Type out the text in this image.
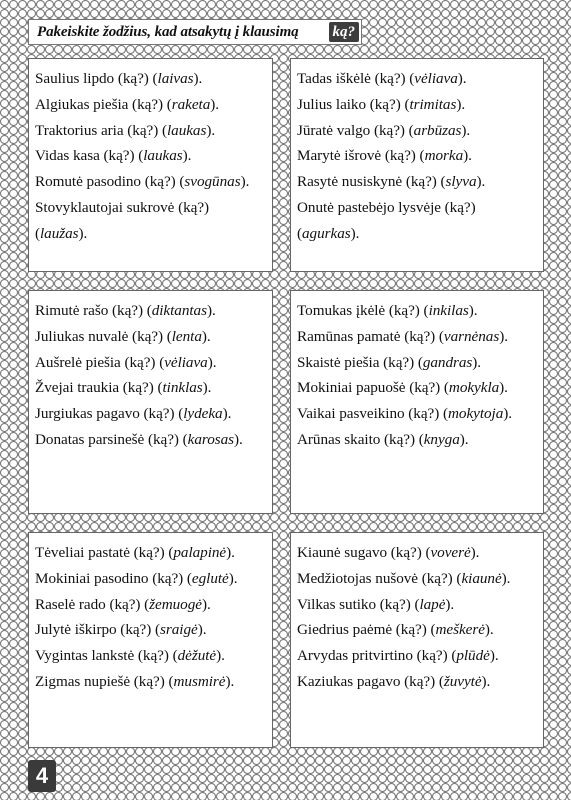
Pakeiskite žodžius, kad atsakytų į klausimą ką?
Saulius lipdo (ką?) (laivas).
Algiukas piešia (ką?) (raketa).
Traktorius aria (ką?) (laukas).
Vidas kasa (ką?) (laukas).
Romutė pasodino (ką?) (svogūnas).
Stovyklautojai sukrovė (ką?)
(laužas).
Tadas iškėlė (ką?) (vėliava).
Julius laiko (ką?) (trimitas).
Jūratė valgo (ką?) (arbūzas).
Marytė išrovė (ką?) (morka).
Rasytė nusiskynė (ką?) (slyva).
Onutė pastebėjo lysvėje (ką?)
(agurkas).
Rimutė rašo (ką?) (diktantas).
Juliukas nuvalė (ką?) (lenta).
Aušrelė piešia (ką?) (vėliava).
Žvejai traukia (ką?) (tinklas).
Jurgiukas pagavo (ką?) (lydeka).
Donatas parsinešė (ką?) (karosas).
Tomukas įkėlė (ką?) (inkilas).
Ramūnas pamatė (ką?) (varnėnas).
Skaistė piešia (ką?) (gandras).
Mokiniai papuošė (ką?) (mokykla).
Vaikai pasveikino (ką?) (mokytoja).
Arūnas skaito (ką?) (knyga).
Tėveliai pastatė (ką?) (palapinė).
Mokiniai pasodino (ką?) (eglutė).
Raselė rado (ką?) (žemuogė).
Julytė iškirpo (ką?) (sraigė).
Vygintas lankstė (ką?) (dėžutė).
Zigmas nupiešė (ką?) (musmirė).
Kiaunė sugavo (ką?) (voverė).
Medžiotojas nušovė (ką?) (kiaunė).
Vilkas sutiko (ką?) (lapė).
Giedrius paėmė (ką?) (meškerė).
Arvydas pritvirtino (ką?) (plūdė).
Kaziukas pagavo (ką?) (žuvytė).
4
